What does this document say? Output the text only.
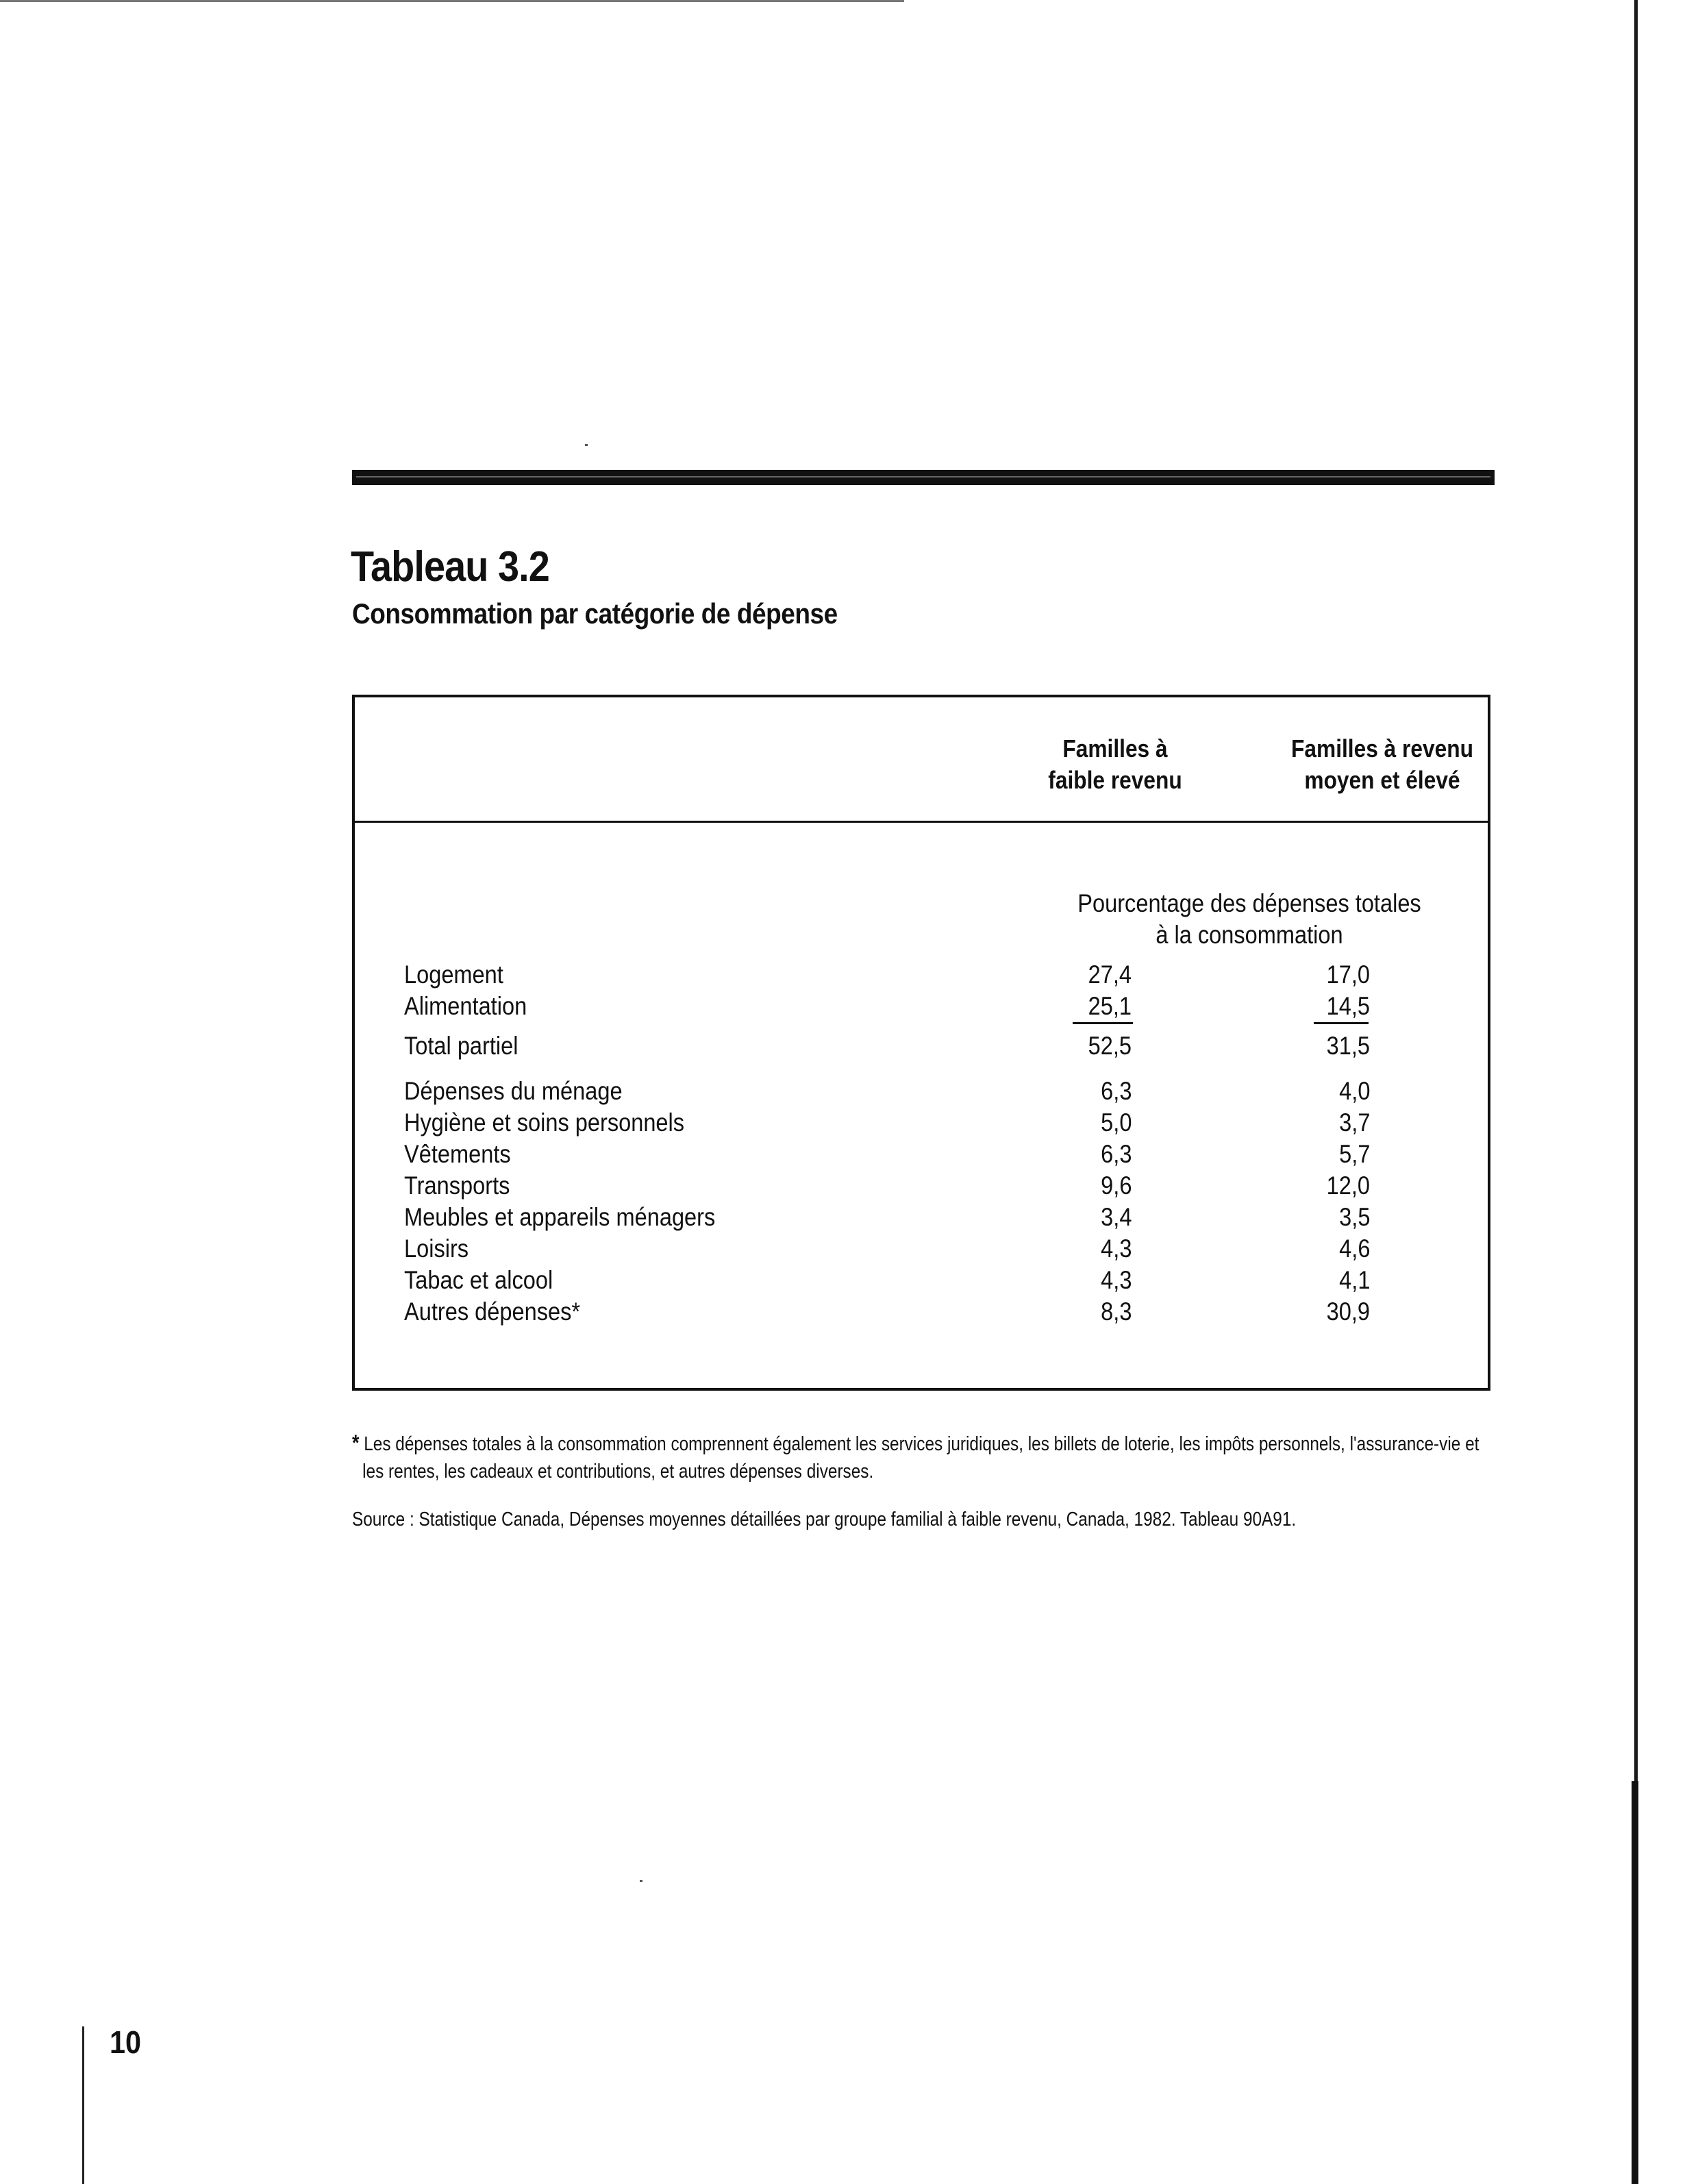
Tableau 3.2
Consommation par catégorie de dépense
Familles à
faible revenu
Familles à revenu
moyen et élevé
Pourcentage des dépenses totales
à la consommation
Logement	27,4	17,0
Alimentation	25,1	14,5
Total partiel	52,5	31,5
Dépenses du ménage	6,3	4,0
Hygiène et soins personnels	5,0	3,7
Vêtements	6,3	5,7
Transports	9,6	12,0
Meubles et appareils ménagers	3,4	3,5
Loisirs	4,3	4,6
Tabac et alcool	4,3	4,1
Autres dépenses*	8,3	30,9
* Les dépenses totales à la consommation comprennent également les services juridiques, les billets de loterie, les impôts personnels, l'assurance-vie et
les rentes, les cadeaux et contributions, et autres dépenses diverses.
Source : Statistique Canada, Dépenses moyennes détaillées par groupe familial à faible revenu, Canada, 1982. Tableau 90A91.
10
